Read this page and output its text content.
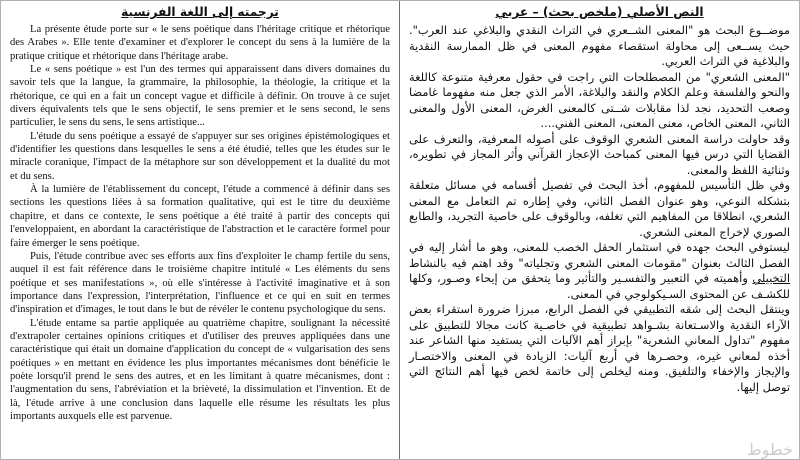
ترجمته إلى اللغة الفرنسية

La présente étude porte sur « le sens poétique dans l'héritage critique et rhétorique des Arabes ». Elle tente d'examiner et d'explorer le concept du sens à la lumière de la pratique critique et rhétorique dans l'héritage arabe.

Le « sens poétique » est l'un des termes qui apparaissent dans divers domaines du savoir tels que la langue, la grammaire, la philosophie, la théologie, la critique et la rhétorique, ce qui en a fait un concept vague et difficile à définir. On trouve à ce sujet divers équivalents tels que le sens objectif, le sens premier et le sens second, le sens particulier, le sens du sens, le sens artistique...

L'étude du sens poétique a essayé de s'appuyer sur ses origines épistémologiques et d'identifier les questions dans lesquelles le sens a été étudié, telles que les études sur le miracle coranique, l'impact de la métaphore sur son développement et la dualité du mot et du sens.

À la lumière de l'établissement du concept, l'étude a commencé à définir dans ses sections les questions liées à sa formation qualitative, qui est le titre du deuxième chapitre, et dans ce contexte, le sens poétique a été traité à partir des concepts qui l'enveloppaient, en abordant la caractéristique de l'abstraction et le caractère formel pour faire émerger le sens poétique.

Puis, l'étude contribue avec ses efforts aux fins d'exploiter le champ fertile du sens, auquel il est fait référence dans le troisième chapitre intitulé « Les éléments du sens poétique et ses manifestations », où elle s'intéresse à l'activité imaginative et à son importance dans l'expression, l'interprétation, l'influence et ce qui en suit en termes d'inspiration et d'images, le tout dans le but de révéler le contenu psychologique du sens.

L'étude entame sa partie appliquée au quatrième chapitre, soulignant la nécessité d'extrapoler certaines opinions critiques et d'utiliser des preuves appliquées dans une caractéristique qui était un domaine d'application du concept de « vulgarisation des sens poétiques » en mettant en évidence les plus importantes mécanismes dont bénéficie le poète lorsqu'il prend le sens des autres, et en les limitant à quatre mécanismes, dont : l'augmentation du sens, l'abréviation et la brièveté, la dissimulation et l'invention. Et de là, l'étude arrive à une conclusion dans laquelle elle résume les résultats les plus importants auxquels elle est parvenue.

النص الأصلي (ملخص بحث) – عربي

موضــوع البحث هو "المعنى الشــعري في التراث النقدي والبلاغي عند العرب". حيث يســعى إلى محاولة استقصاء مفهوم المعنى في ظل الممارسة النقدية والبلاغية في التراث العربي.

"المعنى الشعري" من المصطلحات التي راجت في حقول معرفية متنوعة كاللغة والنحو والفلسفة وعلم الكلام والنقد والبلاغة، الأمر الذي جعل منه مفهوما غامضا وصعب التحديد، نجد لذا مقابلات شــتى كالمعنى الغرض، المعنى الأول والمعنى الثاني، المعنى الخاص، معنى المعنى، المعنى الفني....

وقد حاولت دراسة المعنى الشعري الوقوف على أصوله المعرفية، والتعرف على القضايا التي درس فيها المعنى كمباحث الإعجاز القرآني وأثر المجاز في تطويره، وثنائية اللفظ والمعنى.

وفي ظل التأسيس للمفهوم، أخذ البحث في تفصيل أقسامه في مسائل متعلقة بتشكله النوعي، وهو عنوان الفصل الثاني، وفي إطاره تم التعامل مع المعنى الشعري، انطلاقا من المفاهيم التي تغلفه، وبالوقوف على خاصية التجريد، والطابع الصوري لإخراج المعنى الشعري.

ليستوفي البحث جهده في استثمار الحقل الخصب للمعنى، وهو ما أشار إليه في الفصل الثالث بعنوان "مقومات المعنى الشعري وتجلياته" وقد اهتم فيه بالنشاط التخييلي وأهميته في التعبير والتفسـير والتأثير وما يتحقق من إيحاء وصـور، وكلها للكشـف عن المحتوى السـيكولوجي في المعنى.

وينتقل البحث إلى شقه التطبيقي في الفصل الرابع، مبرزا ضرورة استقراء بعض الآراء النقدية والاسـتعانة بشـواهد تطبيقية في خاصـية كانت مجالا للتطبيق على مفهوم "تداول المعاني الشعرية" بإبراز أهم الآليات التي يستفيد منها الشاعر عند أخذه لمعاني غيره، وحصـرها في أربع آليات: الزيادة في المعنى والاختصـار والإيجاز والإخفاء والتلفيق. ومنه ليخلص إلى خاتمة لخص فيها أهم النتائج التي توصل إليها.

خطوط
